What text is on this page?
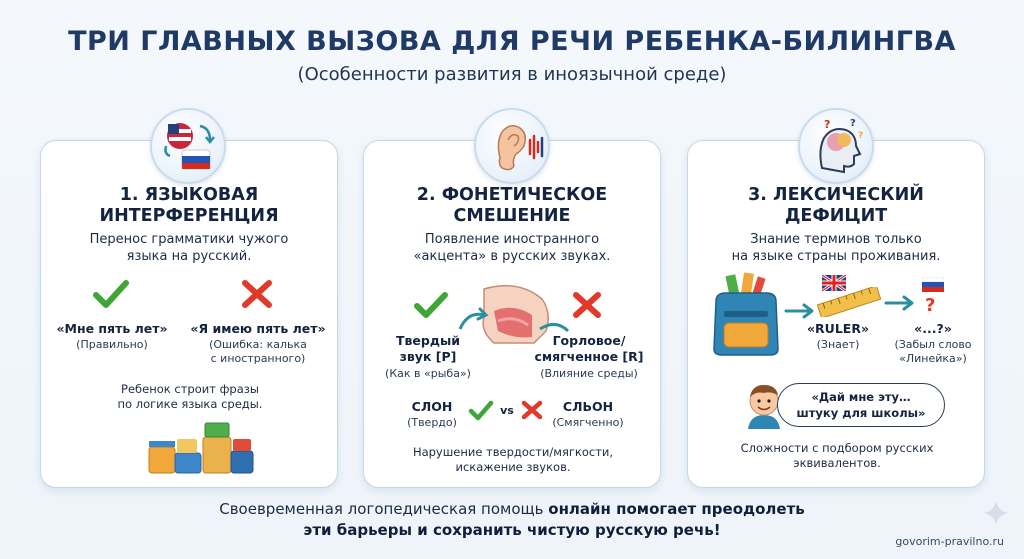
ТРИ ГЛАВНЫХ ВЫЗОВА ДЛЯ РЕЧИ РЕБЕНКА-БИЛИНГВА
(Особенности развития в иноязычной среде)
1. ЯЗЫКОВАЯ
ИНТЕРФЕРЕНЦИЯ
Перенос грамматики чужого
языка на русский.
«Мне пять лет»
(Правильно)
«Я имею пять лет»
(Ошибка: калька
с иностранного)
Ребенок строит фразы
по логике языка среды.
2. ФОНЕТИЧЕСКОЕ
СМЕШЕНИЕ
Появление иностранного
«акцента» в русских звуках.
Твердый
звук [Р]
(Как в «рыба»)
Горловое/
смягченное [R]
(Влияние среды)
СЛОН
(Твердо)
vs	СЛЬОН
(Смягченно)
Нарушение твердости/мягкости,
искажение звуков.
3. ЛЕКСИЧЕСКИЙ
ДЕФИЦИТ
Знание терминов только
на языке страны проживания.
?
«RULER»
(Знает)
«...?»
(Забыл слово
«Линейка»)
Сложности с подбором русских
эквивалентов.
«Дай мне эту…
штуку для школы»
? ?
?
Своевременная логопедическая помощь онлайн помогает преодолеть
эти барьеры и сохранить чистую русскую речь!
govorim-pravilno.ru
